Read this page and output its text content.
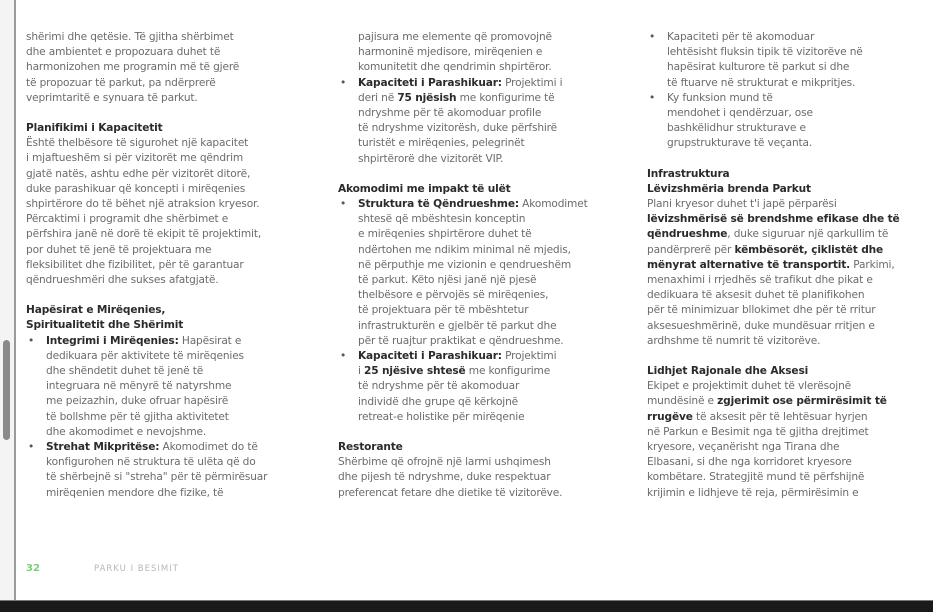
shërimi dhe qetësie. Të gjitha shërbimet
dhe ambientet e propozuara duhet të
harmonizohen me programin më të gjerë
të propozuar të parkut, pa ndërprerë
veprimtaritë e synuara të parkut.

Planifikimi i Kapacitetit

Është thelbësore të sigurohet një kapacitet
i mjaftueshëm si për vizitorët me qëndrim
gjatë natës, ashtu edhe për vizitorët ditorë,
duke parashikuar që koncepti i mirëqenies
shpirtërore do të bëhet një atraksion kryesor.
Përcaktimi i programit dhe shërbimet e
përfshira janë në dorë të ekipit të projektimit,
por duhet të jenë të projektuara me
fleksibilitet dhe fizibilitet, për të garantuar
qëndrueshmëri dhe sukses afatgjatë.

Hapësirat e Mirëqenies,

Spiritualitetit dhe Shërimit

• Integrimi i Mirëqenies: Hapësirat e
dedikuara për aktivitete të mirëqenies
dhe shëndetit duhet të jenë të
integruara në mënyrë të natyrshme
me peizazhin, duke ofruar hapësirë
të bollshme për të gjitha aktivitetet
dhe akomodimet e nevojshme.
• Strehat Mikpritëse: Akomodimet do të
konfigurohen në struktura të ulëta që do
të shërbejnë si "streha" për të përmirësuar
mirëqenien mendore dhe fizike, të

pajisura me elemente që promovojnë
harmoninë mjedisore, mirëqenien e
komunitetit dhe qendrimin shpirtëror.

• Kapaciteti i Parashikuar: Projektimi i
deri në 75 njësish me konfigurime të
ndryshme për të akomoduar profile
të ndryshme vizitorësh, duke përfshirë
turistët e mirëqenies, pelegrinët
shpirtërorë dhe vizitorët VIP.

Akomodimi me impakt të ulët

• Struktura të Qëndrueshme: Akomodimet
shtesë që mbështesin konceptin
e mirëqenies shpirtërore duhet të
ndërtohen me ndikim minimal në mjedis,
në përputhje me vizionin e qendrueshëm
të parkut. Këto njësi janë një pjesë
thelbësore e përvojës së mirëqenies,
të projektuara për të mbështetur
infrastrukturën e gjelbër të parkut dhe
për të ruajtur praktikat e qëndrueshme.
• Kapaciteti i Parashikuar: Projektimi
i 25 njësive shtesë me konfigurime
të ndryshme për të akomoduar
individë dhe grupe që kërkojnë
retreat-e holistike për mirëqenie

Restorante

Shërbime që ofrojnë një larmi ushqimesh
dhe pijesh të ndryshme, duke respektuar
preferencat fetare dhe dietike të vizitorëve.

• Kapaciteti për të akomoduar
lehtësisht fluksin tipik të vizitorëve në
hapësirat kulturore të parkut si dhe
të ftuarve në strukturat e mikpritjes.
• Ky funksion mund të
mendohet i qendërzuar, ose
bashkëlidhur strukturave e
grupstrukturave të veçanta.

Infrastruktura

Lëvizshmëria brenda Parkut

Plani kryesor duhet t'i japë përparësi
lëvizshmërisë së brendshme efikase dhe të
qëndrueshme, duke siguruar një qarkullim të
pandërprerë për këmbësorët, çiklistët dhe
mënyrat alternative të transportit. Parkimi,
menaxhimi i rrjedhës së trafikut dhe pikat e
dedikuara të aksesit duhet të planifikohen
për të minimizuar bllokimet dhe për të rritur
aksesueshmërinë, duke mundësuar rritjen e
ardhshme të numrit të vizitorëve.

Lidhjet Rajonale dhe Aksesi

Ekipet e projektimit duhet të vlerësojnë
mundësinë e zgjerimit ose përmirësimit të
rrugëve të aksesit për të lehtësuar hyrjen
në Parkun e Besimit nga të gjitha drejtimet
kryesore, veçanërisht nga Tirana dhe
Elbasani, si dhe nga korridoret kryesore
kombëtare. Strategjitë mund të përfshijnë
krijimin e lidhjeve të reja, përmirësimin e

32	PARKU I BESIMIT
